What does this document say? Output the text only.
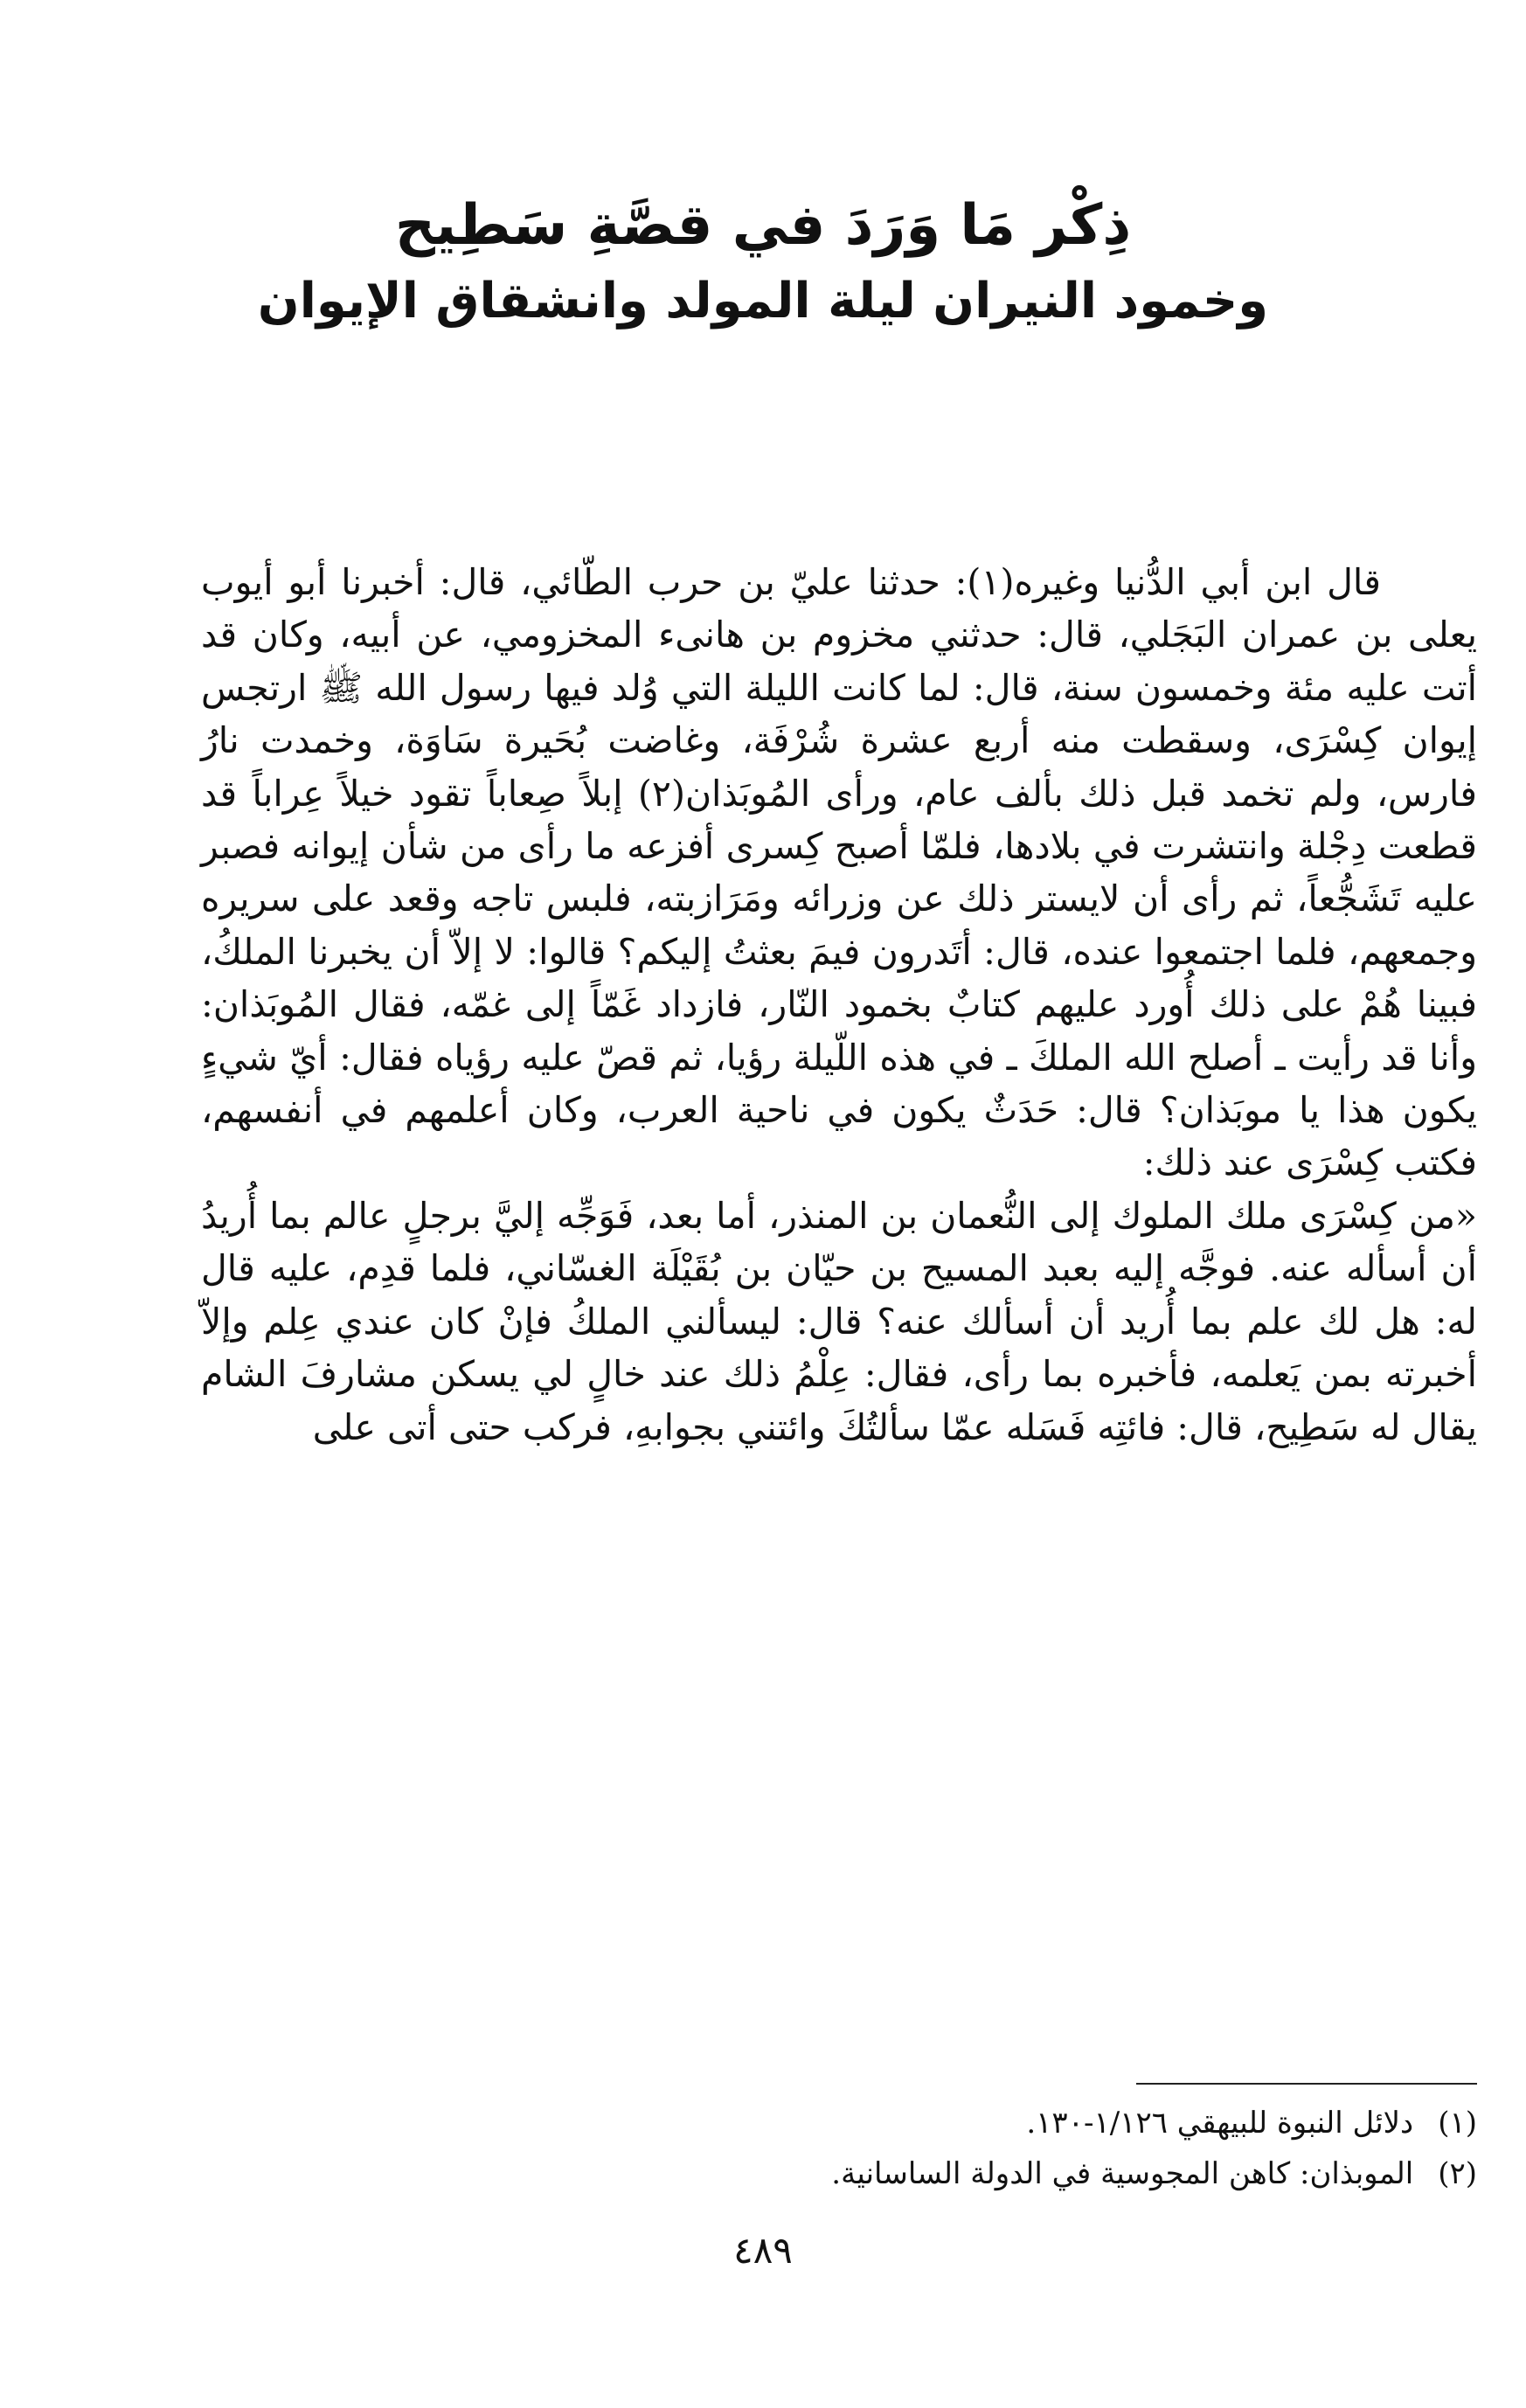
ذِكْر مَا وَرَدَ في قصَّةِ سَطِيح
وخمود النيران ليلة المولد وانشقاق الإيوان

قال ابن أبي الدُّنيا وغيره(١): حدثنا عليّ بن حرب الطّائي، قال: أخبرنا أبو أيوب يعلى بن عمران البَجَلي، قال: حدثني مخزوم بن هانىء المخزومي، عن أبيه، وكان قد أتت عليه مئة وخمسون سنة، قال: لما كانت الليلة التي وُلد فيها رسول الله ﷺ ارتجس إيوان كِسْرَى، وسقطت منه أربع عشرة شُرْفَة، وغاضت بُحَيرة سَاوَة، وخمدت نارُ فارس، ولم تخمد قبل ذلك بألف عام، ورأى المُوبَذان(٢) إبلاً صِعاباً تقود خيلاً عِراباً قد قطعت دِجْلة وانتشرت في بلادها، فلمّا أصبح كِسرى أفزعه ما رأى من شأن إيوانه فصبر عليه تَشَجُّعاً، ثم رأى أن لايستر ذلك عن وزرائه ومَرَازبته، فلبس تاجه وقعد على سريره وجمعهم، فلما اجتمعوا عنده، قال: أتَدرون فيمَ بعثتُ إليكم؟ قالوا: لا إلاّ أن يخبرنا الملكُ، فبينا هُمْ على ذلك أُورد عليهم كتابٌ بخمود النّار، فازداد غَمّاً إلى غمّه، فقال المُوبَذان: وأنا قد رأيت ـ أصلح الله الملكَ ـ في هذه اللّيلة رؤيا، ثم قصّ عليه رؤياه فقال: أيّ شيءٍ يكون هذا يا موبَذان؟ قال: حَدَثٌ يكون في ناحية العرب، وكان أعلمهم في أنفسهم، فكتب كِسْرَى عند ذلك:

«من كِسْرَى ملك الملوك إلى النُّعمان بن المنذر، أما بعد، فَوَجِّه إليَّ برجلٍ عالم بما أُريدُ أن أسأله عنه. فوجَّه إليه بعبد المسيح بن حيّان بن بُقَيْلَة الغسّاني، فلما قدِم، عليه قال له: هل لك علم بما أُريد أن أسألك عنه؟ قال: ليسألني الملكُ فإنْ كان عندي عِلم وإلاّ أخبرته بمن يَعلمه، فأخبره بما رأى، فقال: عِلْمُ ذلك عند خالٍ لي يسكن مشارفَ الشام يقال له سَطِيح، قال: فائتِه فَسَله عمّا سألتُكَ وائتني بجوابهِ، فركب حتى أتى على

(١)
دلائل النبوة للبيهقي ١/١٢٦-١٣٠.
(٢)
الموبذان: كاهن المجوسية في الدولة الساسانية.
٤٨٩
